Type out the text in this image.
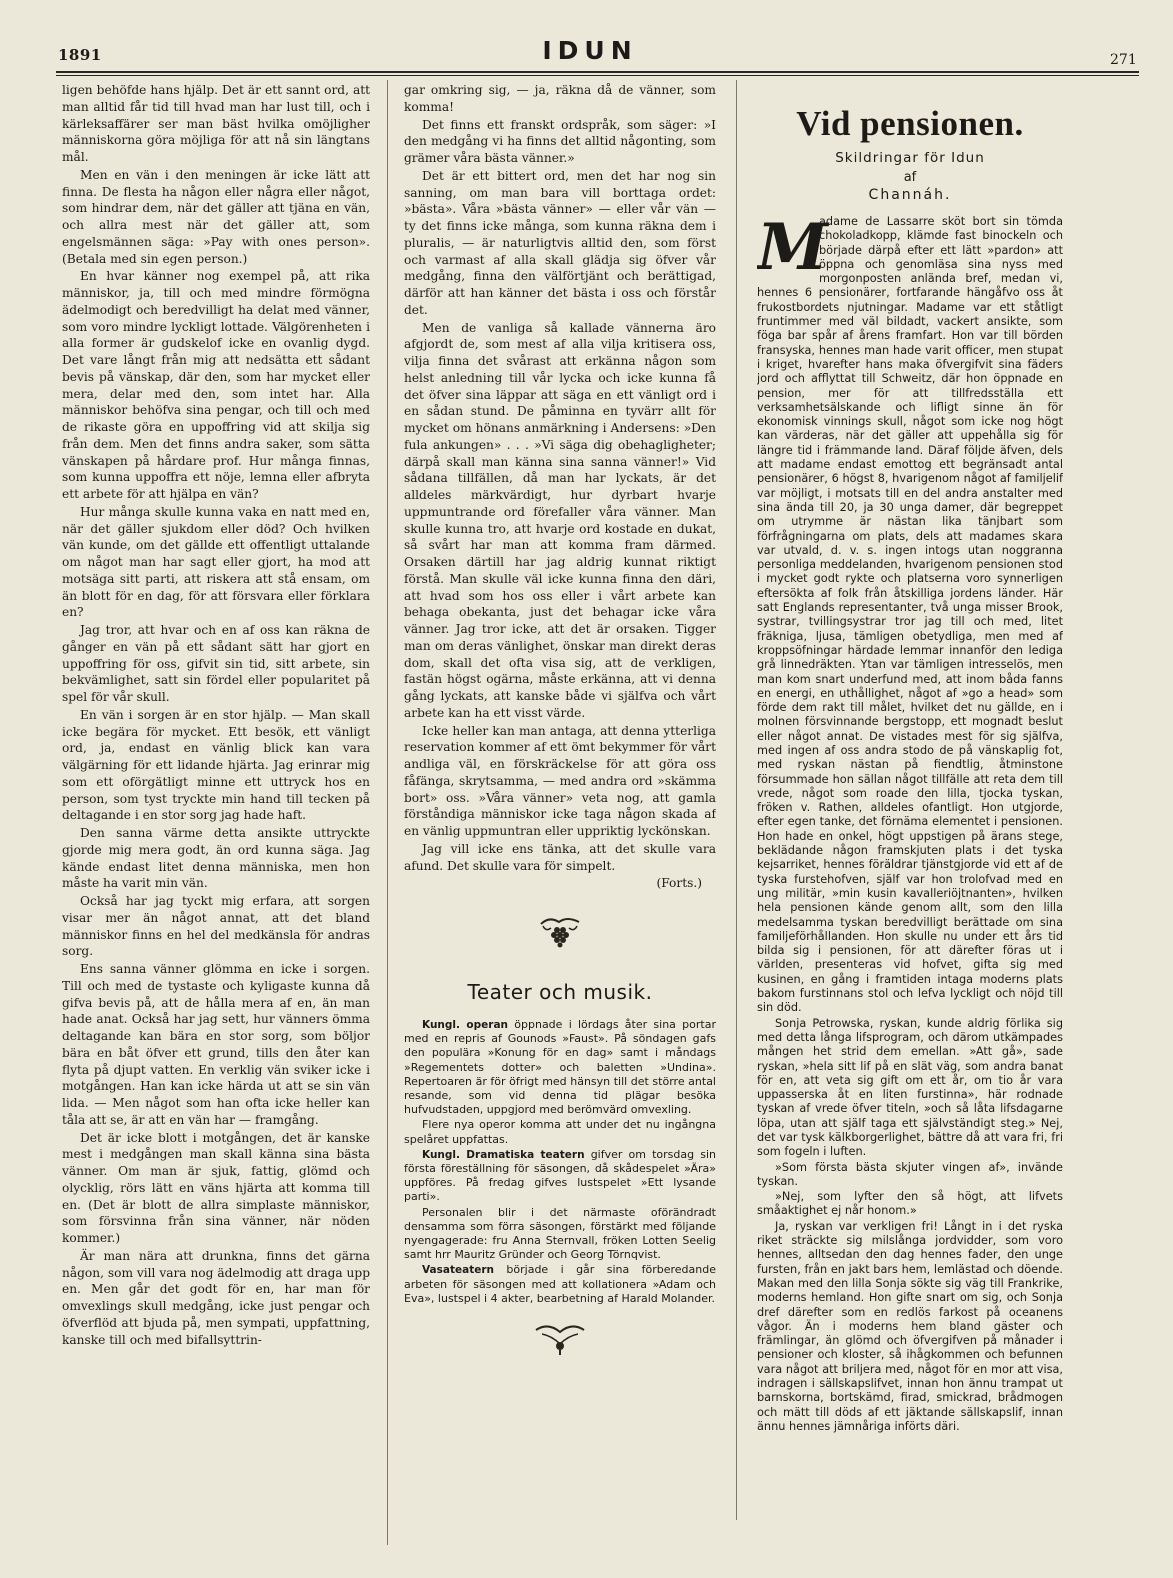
1891	IDUN	271

ligen behöfde hans hjälp. Det är ett sannt ord, att man alltid får tid till hvad man har lust till, och i kärleksaffärer ser man bäst hvilka omöjligher människorna göra möjliga för att nå sin längtans mål.

Men en vän i den meningen är icke lätt att finna. De flesta ha någon eller några eller något, som hindrar dem, när det gäller att tjäna en vän, och allra mest när det gäller att, som engelsmännen säga: »Pay with ones person». (Betala med sin egen person.)

En hvar känner nog exempel på, att rika människor, ja, till och med mindre förmögna ädelmodigt och beredvilligt ha delat med vänner, som voro mindre lyckligt lottade. Välgörenheten i alla former är gudskelof icke en ovanlig dygd. Det vare långt från mig att nedsätta ett sådant bevis på vänskap, där den, som har mycket eller mera, delar med den, som intet har. Alla människor behöfva sina pengar, och till och med de rikaste göra en uppoffring vid att skilja sig från dem. Men det finns andra saker, som sätta vänskapen på hårdare prof. Hur många finnas, som kunna uppoffra ett nöje, lemna eller afbryta ett arbete för att hjälpa en vän?

Hur många skulle kunna vaka en natt med en, när det gäller sjukdom eller död? Och hvilken vän kunde, om det gällde ett offentligt uttalande om något man har sagt eller gjort, ha mod att motsäga sitt parti, att riskera att stå ensam, om än blott för en dag, för att försvara eller förklara en?

Jag tror, att hvar och en af oss kan räkna de gånger en vän på ett sådant sätt har gjort en uppoffring för oss, gifvit sin tid, sitt arbete, sin bekvämlighet, satt sin fördel eller popularitet på spel för vår skull.

En vän i sorgen är en stor hjälp. — Man skall icke begära för mycket. Ett besök, ett vänligt ord, ja, endast en vänlig blick kan vara välgärning för ett lidande hjärta. Jag erinrar mig som ett oförgätligt minne ett uttryck hos en person, som tyst tryckte min hand till tecken på deltagande i en stor sorg jag hade haft.

Den sanna värme detta ansikte uttryckte gjorde mig mera godt, än ord kunna säga. Jag kände endast litet denna människa, men hon måste ha varit min vän.

Också har jag tyckt mig erfara, att sorgen visar mer än något annat, att det bland människor finns en hel del medkänsla för andras sorg.

Ens sanna vänner glömma en icke i sorgen. Till och med de tystaste och kyligaste kunna då gifva bevis på, att de hålla mera af en, än man hade anat. Också har jag sett, hur vänners ömma deltagande kan bära en stor sorg, som böljor bära en båt öfver ett grund, tills den åter kan flyta på djupt vatten. En verklig vän sviker icke i motgången. Han kan icke härda ut att se sin vän lida. — Men något som han ofta icke heller kan tåla att se, är att en vän har — framgång.

Det är icke blott i motgången, det är kanske mest i medgången man skall känna sina bästa vänner. Om man är sjuk, fattig, glömd och olycklig, rörs lätt en väns hjärta att komma till en. (Det är blott de allra simplaste människor, som försvinna från sina vänner, när nöden kommer.)

Är man nära att drunkna, finns det gärna någon, som vill vara nog ädelmodig att draga upp en. Men går det godt för en, har man för omvexlings skull medgång, icke just pengar och öfverflöd att bjuda på, men sympati, uppfattning, kanske till och med bifallsyttrin-

gar omkring sig, — ja, räkna då de vänner, som komma!

Det finns ett franskt ordspråk, som säger: »I den medgång vi ha finns det alltid någonting, som grämer våra bästa vänner.»

Det är ett bittert ord, men det har nog sin sanning, om man bara vill borttaga ordet: »bästa». Våra »bästa vänner» — eller vår vän — ty det finns icke många, som kunna räkna dem i pluralis, — är naturligtvis alltid den, som först och varmast af alla skall glädja sig öfver vår medgång, finna den välförtjänt och berättigad, därför att han känner det bästa i oss och förstår det.

Men de vanliga så kallade vännerna äro afgjordt de, som mest af alla vilja kritisera oss, vilja finna det svårast att erkänna någon som helst anledning till vår lycka och icke kunna få det öfver sina läppar att säga en ett vänligt ord i en sådan stund. De påminna en tyvärr allt för mycket om hönans anmärkning i Andersens: »Den fula ankungen» . . . »Vi säga dig obehagligheter; därpå skall man känna sina sanna vänner!» Vid sådana tillfällen, då man har lyckats, är det alldeles märkvärdigt, hur dyrbart hvarje uppmuntrande ord förefaller våra vänner. Man skulle kunna tro, att hvarje ord kostade en dukat, så svårt har man att komma fram därmed. Orsaken därtill har jag aldrig kunnat riktigt förstå. Man skulle väl icke kunna finna den däri, att hvad som hos oss eller i vårt arbete kan behaga obekanta, just det behagar icke våra vänner. Jag tror icke, att det är orsaken. Tigger man om deras vänlighet, önskar man direkt deras dom, skall det ofta visa sig, att de verkligen, fastän högst ogärna, måste erkänna, att vi denna gång lyckats, att kanske både vi själfva och vårt arbete kan ha ett visst värde.

Icke heller kan man antaga, att denna ytterliga reservation kommer af ett ömt bekymmer för vårt andliga väl, en förskräckelse för att göra oss fåfänga, skrytsamma, — med andra ord »skämma bort» oss. »Våra vänner» veta nog, att gamla förståndiga människor icke taga någon skada af en vänlig uppmuntran eller uppriktig lyckönskan.

Jag vill icke ens tänka, att det skulle vara afund. Det skulle vara för simpelt.

(Forts.)

Teater och musik.

Kungl. operan öppnade i lördags åter sina portar med en repris af Gounods »Faust». På söndagen gafs den populära »Konung för en dag» samt i måndags »Regementets dotter» och baletten »Undina». Repertoaren är för öfrigt med hänsyn till det större antal resande, som vid denna tid plägar besöka hufvudstaden, uppgjord med berömvärd omvexling.

Flere nya operor komma att under det nu ingångna spelåret uppfattas.

Kungl. Dramatiska teatern gifver om torsdag sin första föreställning för säsongen, då skådespelet »Ära» uppföres. På fredag gifves lustspelet »Ett lysande parti».

Personalen blir i det närmaste oförändradt densamma som förra säsongen, förstärkt med följande nyengagerade: fru Anna Sternvall, fröken Lotten Seelig samt hrr Mauritz Gründer och Georg Törnqvist.

Vasateatern började i går sina förberedande arbeten för säsongen med att kollationera »Adam och Eva», lustspel i 4 akter, bearbetning af Harald Molander.

Vid pensionen.
Skildringar för Idun
af
Channáh.
M

adame de Lassarre sköt bort sin tömda chokoladkopp, klämde fast binockeln och började därpå efter ett lätt »pardon» att öppna och genomläsa sina nyss med morgonposten anlända bref, medan vi, hennes 6 pensionärer, fortfarande hängåfvo oss åt frukostbordets njutningar. Madame var ett ståtligt fruntimmer med väl bildadt, vackert ansikte, som föga bar spår af årens framfart. Hon var till börden fransyska, hennes man hade varit officer, men stupat i kriget, hvarefter hans maka öfvergifvit sina fäders jord och afflyttat till Schweitz, där hon öppnade en pension, mer för att tillfredsställa ett verksamhetsälskande och lifligt sinne än för ekonomisk vinnings skull, något som icke nog högt kan värderas, när det gäller att uppehålla sig för längre tid i främmande land. Däraf följde äfven, dels att madame endast emottog ett begränsadt antal pensionärer, 6 högst 8, hvarigenom något af familjelif var möjligt, i motsats till en del andra anstalter med sina ända till 20, ja 30 unga damer, där begreppet om utrymme är nästan lika tänjbart som förfrågningarna om plats, dels att madames skara var utvald, d. v. s. ingen intogs utan noggranna personliga meddelanden, hvarigenom pensionen stod i mycket godt rykte och platserna voro synnerligen eftersökta af folk från åtskilliga jordens länder. Här satt Englands representanter, två unga misser Brook, systrar, tvillingsystrar tror jag till och med, litet fräkniga, ljusa, tämligen obetydliga, men med af kroppsöfningar härdade lemmar innanför den lediga grå linnedräkten. Ytan var tämligen intresselös, men man kom snart underfund med, att inom båda fanns en energi, en uthållighet, något af »go a head» som förde dem rakt till målet, hvilket det nu gällde, en i molnen försvinnande bergstopp, ett mognadt beslut eller något annat. De vistades mest för sig själfva, med ingen af oss andra stodo de på vänskaplig fot, med ryskan nästan på fiendtlig, åtminstone försummade hon sällan något tillfälle att reta dem till vrede, något som roade den lilla, tjocka tyskan, fröken v. Rathen, alldeles ofantligt. Hon utgjorde, efter egen tanke, det förnäma elementet i pensionen. Hon hade en onkel, högt uppstigen på ärans stege, beklädande någon framskjuten plats i det tyska kejsarriket, hennes föräldrar tjänstgjorde vid ett af de tyska furstehofven, själf var hon trolofvad med en ung militär, »min kusin kavalleriöjtnanten», hvilken hela pensionen kände genom allt, som den lilla medelsamma tyskan beredvilligt berättade om sina familjeförhållanden. Hon skulle nu under ett års tid bilda sig i pensionen, för att därefter föras ut i världen, presenteras vid hofvet, gifta sig med kusinen, en gång i framtiden intaga moderns plats bakom furstinnans stol och lefva lyckligt och nöjd till sin död.

Sonja Petrowska, ryskan, kunde aldrig förlika sig med detta långa lifsprogram, och därom utkämpades mången het strid dem emellan. »Att gå», sade ryskan, »hela sitt lif på en slät väg, som andra banat för en, att veta sig gift om ett år, om tio år vara uppasserska åt en liten furstinna», här rodnade tyskan af vrede öfver titeln, »och så låta lifsdagarne löpa, utan att själf taga ett självständigt steg.» Nej, det var tysk kälkborgerlighet, bättre då att vara fri, fri som fogeln i luften.

»Som första bästa skjuter vingen af», invände tyskan.

»Nej, som lyfter den så högt, att lifvets småaktighet ej når honom.»

Ja, ryskan var verkligen fri! Långt in i det ryska riket sträckte sig milslånga jordvidder, som voro hennes, alltsedan den dag hennes fader, den unge fursten, från en jakt bars hem, lemlästad och döende. Makan med den lilla Sonja sökte sig väg till Frankrike, moderns hemland. Hon gifte snart om sig, och Sonja dref därefter som en redlös farkost på oceanens vågor. Än i moderns hem bland gäster och främlingar, än glömd och öfvergifven på månader i pensioner och kloster, så ihågkommen och befunnen vara något att briljera med, något för en mor att visa, indragen i sällskapslifvet, innan hon ännu trampat ut barnskorna, bortskämd, firad, smickrad, brådmogen och mätt till döds af ett jäktande sällskapslif, innan ännu hennes jämnåriga införts däri.
